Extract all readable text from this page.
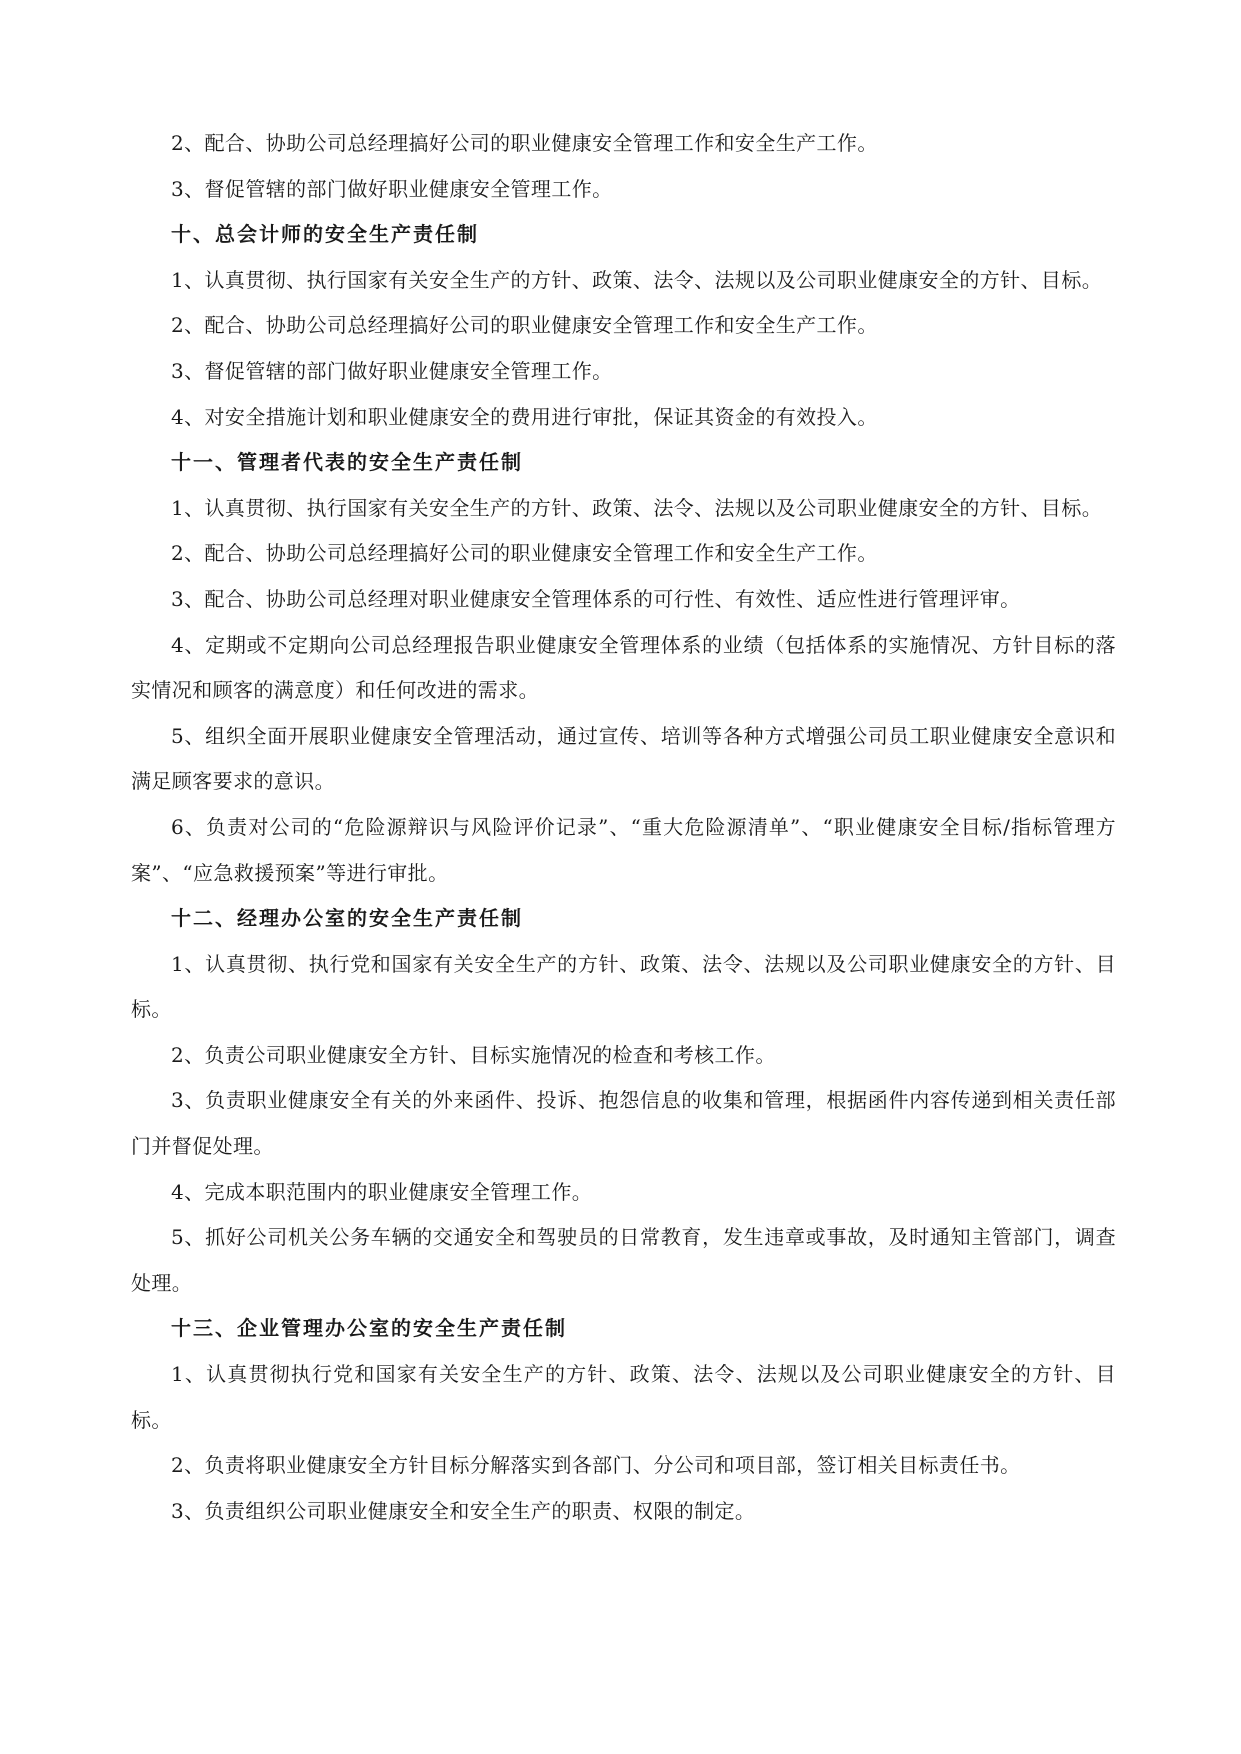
2、配合、协助公司总经理搞好公司的职业健康安全管理工作和安全生产工作。

3、督促管辖的部门做好职业健康安全管理工作。

十、总会计师的安全生产责任制

1、认真贯彻、执行国家有关安全生产的方针、政策、法令、法规以及公司职业健康安全的方针、目标。

2、配合、协助公司总经理搞好公司的职业健康安全管理工作和安全生产工作。

3、督促管辖的部门做好职业健康安全管理工作。

4、对安全措施计划和职业健康安全的费用进行审批，保证其资金的有效投入。

十一、管理者代表的安全生产责任制

1、认真贯彻、执行国家有关安全生产的方针、政策、法令、法规以及公司职业健康安全的方针、目标。

2、配合、协助公司总经理搞好公司的职业健康安全管理工作和安全生产工作。

3、配合、协助公司总经理对职业健康安全管理体系的可行性、有效性、适应性进行管理评审。

4、定期或不定期向公司总经理报告职业健康安全管理体系的业绩（包括体系的实施情况、方针目标的落实情况和顾客的满意度）和任何改进的需求。

5、组织全面开展职业健康安全管理活动，通过宣传、培训等各种方式增强公司员工职业健康安全意识和满足顾客要求的意识。

6、负责对公司的“危险源辩识与风险评价记录”、“重大危险源清单”、“职业健康安全目标/指标管理方案”、“应急救援预案”等进行审批。

十二、经理办公室的安全生产责任制

1、认真贯彻、执行党和国家有关安全生产的方针、政策、法令、法规以及公司职业健康安全的方针、目标。

2、负责公司职业健康安全方针、目标实施情况的检查和考核工作。

3、负责职业健康安全有关的外来函件、投诉、抱怨信息的收集和管理，根据函件内容传递到相关责任部门并督促处理。

4、完成本职范围内的职业健康安全管理工作。

5、抓好公司机关公务车辆的交通安全和驾驶员的日常教育，发生违章或事故，及时通知主管部门，调查处理。

十三、企业管理办公室的安全生产责任制

1、认真贯彻执行党和国家有关安全生产的方针、政策、法令、法规以及公司职业健康安全的方针、目标。

2、负责将职业健康安全方针目标分解落实到各部门、分公司和项目部，签订相关目标责任书。

3、负责组织公司职业健康安全和安全生产的职责、权限的制定。
